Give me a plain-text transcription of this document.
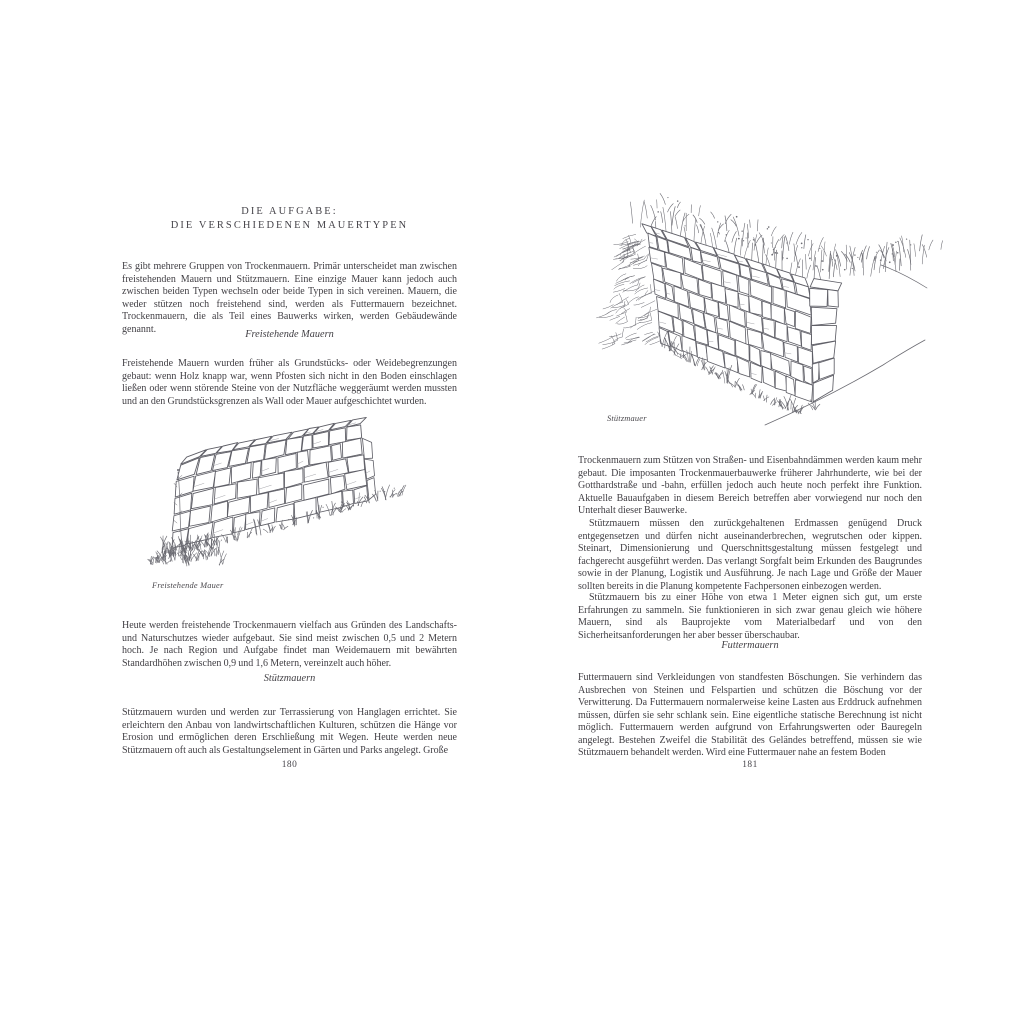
DIE AUFGABE:
DIE VERSCHIEDENEN MAUERTYPEN

Es gibt mehrere Gruppen von Trockenmauern. Primär unterscheidet man zwischen freistehenden Mauern und Stützmauern. Eine einzige Mauer kann jedoch auch zwischen beiden Typen wechseln oder beide Typen in sich vereinen. Mauern, die weder stützen noch freistehend sind, werden als Futtermauern bezeichnet. Trockenmauern, die als Teil eines Bauwerks wirken, werden Gebäudewände genannt.	Freistehende Mauern

Freistehende Mauern wurden früher als Grundstücks- oder Weidebegrenzungen gebaut: wenn Holz knapp war, wenn Pfosten sich nicht in den Boden einschlagen ließen oder wenn störende Steine von der Nutzfläche weggeräumt werden mussten und an den Grundstücksgrenzen als Wall oder Mauer aufgeschichtet wurden.

Freistehende Mauer

Heute werden freistehende Trockenmauern vielfach aus Gründen des Landschafts- und Naturschutzes wieder aufgebaut. Sie sind meist zwischen 0,5 und 2 Metern hoch. Je nach Region und Aufgabe findet man Weidemauern mit bewährten Standardhöhen zwischen 0,9 und 1,6 Metern, vereinzelt auch höher.

Stützmauern

Stützmauern wurden und werden zur Terrassierung von Hanglagen errichtet. Sie erleichtern den Anbau von landwirtschaftlichen Kulturen, schützen die Hänge vor Erosion und ermöglichen deren Erschließung mit Wegen. Heute werden neue Stützmauern oft auch als Gestaltungselement in Gärten und Parks angelegt. Große

180
Stützmauer

Trockenmauern zum Stützen von Straßen- und Eisenbahndämmen werden kaum mehr gebaut. Die imposanten Trockenmauerbauwerke früherer Jahrhunderte, wie bei der Gotthardstraße und -bahn, erfüllen jedoch auch heute noch perfekt ihre Funktion. Aktuelle Bauaufgaben in diesem Bereich betreffen aber vorwiegend nur noch den Unterhalt dieser Bauwerke.

Stützmauern müssen den zurückgehaltenen Erdmassen genügend Druck entgegensetzen und dürfen nicht auseinanderbrechen, wegrutschen oder kippen. Steinart, Dimensionierung und Querschnittsgestaltung müssen festgelegt und fachgerecht ausgeführt werden. Das verlangt Sorgfalt beim Erkunden des Baugrundes sowie in der Planung, Logistik und Ausführung. Je nach Lage und Größe der Mauer sollten bereits in die Planung kompetente Fachpersonen einbezogen werden.

Stützmauern bis zu einer Höhe von etwa 1 Meter eignen sich gut, um erste Erfahrungen zu sammeln. Sie funktionieren in sich zwar genau gleich wie höhere Mauern, sind als Bauprojekte vom Materialbedarf und von den Sicherheitsanforderungen her aber besser überschaubar.

Futtermauern

Futtermauern sind Verkleidungen von standfesten Böschungen. Sie verhindern das Ausbrechen von Steinen und Felspartien und schützen die Böschung vor der Verwitterung. Da Futtermauern normalerweise keine Lasten aus Erddruck aufnehmen müssen, dürfen sie sehr schlank sein. Eine eigentliche statische Berechnung ist nicht möglich. Futtermauern werden aufgrund von Erfahrungswerten oder Bauregeln angelegt. Bestehen Zweifel die Stabilität des Geländes betreffend, müssen sie wie Stützmauern behandelt werden. Wird eine Futtermauer nahe an festem Boden

181
